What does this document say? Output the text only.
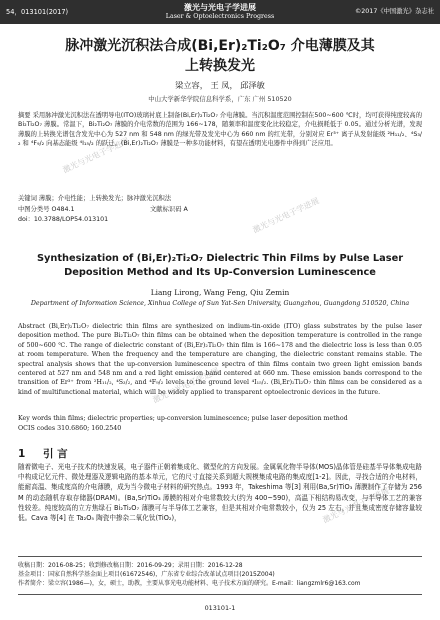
54，013101(2017)	激光与光电子学进展
Laser & Optoelectronics Progress
©2017《中国激光》杂志社
激光与光电子学进展
激光与光电子学进展
激光与光电子学进展
激光与光电子学进展
脉冲激光沉积法合成(Bi,Er)₂Ti₂O₇ 介电薄膜及其
上转换发光
梁立容， 王 凤， 邱泽敏
中山大学新华学院信息科学系，广东 广州 510520
摘要 采用脉冲激光沉积法在透明导电(ITO)玻璃衬底上制备(Bi,Er)₂Ti₂O₇ 介电薄膜。当沉积温度范围控制在500~600 ℃时，均可获得纯度较高的 Bi₂Ti₂O₇ 薄膜。常温下，Bi₂Ti₂O₇ 薄膜的介电常数的范围为 166~178，随频率和温度变化比较稳定，介电损耗低于 0.05。通过分析光谱，发现薄膜的上转换光谱包含发光中心为 527 nm 和 548 nm 的绿光带及发光中心为 660 nm 的红光带，分别对应 Er³⁺ 离子从发射能级 ²H₁₁/₂、⁴S₃/₂ 和 ⁴F₉/₂ 向基态能级 ⁴I₁₅/₂ 的跃迁。(Bi,Er)₂Ti₂O₇ 薄膜是一种多功能材料，有望在透明光电器件中得到广泛应用。
关键词 薄膜；介电性能；上转换发光；脉冲激光沉积法
中图分类号 O484.1	文献标识码 A
doi：10.3788/LOP54.013101
Synthesization of (Bi,Er)₂Ti₂O₇ Dielectric Thin Films by Pulse Laser
Deposition Method and Its Up-Conversion Luminescence
Liang Lirong, Wang Feng, Qiu Zemin
Department of Information Science, Xinhua College of Sun Yat-Sen University, Guangzhou, Guangdong 510520, China
Abstract (Bi,Er)₂Ti₂O₇ dielectric thin films are synthesized on indium-tin-oxide (ITO) glass substrates by the pulse laser deposition method. The pure Bi₂Ti₂O₇ thin films can be obtained when the deposition temperature is controlled in the range of 500~600 ℃. The range of dielectric constant of (Bi,Er)₂Ti₂O₇ thin film is 166~178 and the dielectric loss is less than 0.05 at room temperature. When the frequency and the temperature are changing, the dielectric constant remains stable. The spectral analysis shows that the up-conversion luminescence spectra of thin films contain two green light emission bands centered at 527 nm and 548 nm and a red light emission band centered at 660 nm. These emission bands correspond to the transition of Er³⁺ from ²H₁₁/₂, ⁴S₃/₂, and ⁴F₉/₂ levels to the ground level ⁴I₁₅/₂. (Bi,Er)₂Ti₂O₇ thin films can be considered as a kind of multifunctional material, which will be widely applied to transparent optoelectronic devices in the future.
Key words thin films; dielectric properties; up-conversion luminescence; pulse laser deposition method
OCIS codes 310.6860; 160.2540
1 引 言
随着微电子、光电子技术的快速发展，电子器件正朝着集成化、微型化的方向发展。金属氧化物半导体(MOS)晶体管是硅基半导体集成电路中构成记忆元件、微处理器及逻辑电路的基本单元，它的尺寸直接关系到超大规模集成电路的集成度[1-2]。因此，寻找合适的介电材料，能耐高温、集成度高的介电薄膜，成为当今微电子材料的研究热点。1993 年，Takeshima 等[3] 利用(Ba,Sr)TiO₃ 薄膜制作了存储为 256 M 的动态随机存取存储器(DRAM)。(Ba,Sr)TiO₃ 薄膜的相对介电常数较大(约为 400~590)，高温下相结构易改变，与半导体工艺的兼容性较差。纯度较高的立方焦绿石 Bi₂Ti₂O₇ 薄膜可与半导体工艺兼容，但是其相对介电常数较小，仅为 25 左右，并且集成密度存储容量较低。Cava 等[4] 在 Ta₂O₅ 陶瓷中掺杂二氧化钛(TiO₂)，
收稿日期：2016-08-25；收到修改稿日期：2016-09-29；录用日期：2016-12-28
基金项目：国家自然科学基金面上项目(61672546)，广东省专业综合改革试点项目(2015Z004)
作者简介：梁立容(1986—)，女，硕士，助教，主要从事光电功能材料、电子技术方面的研究。E-mail：liangzmlr6@163.com
013101-1
